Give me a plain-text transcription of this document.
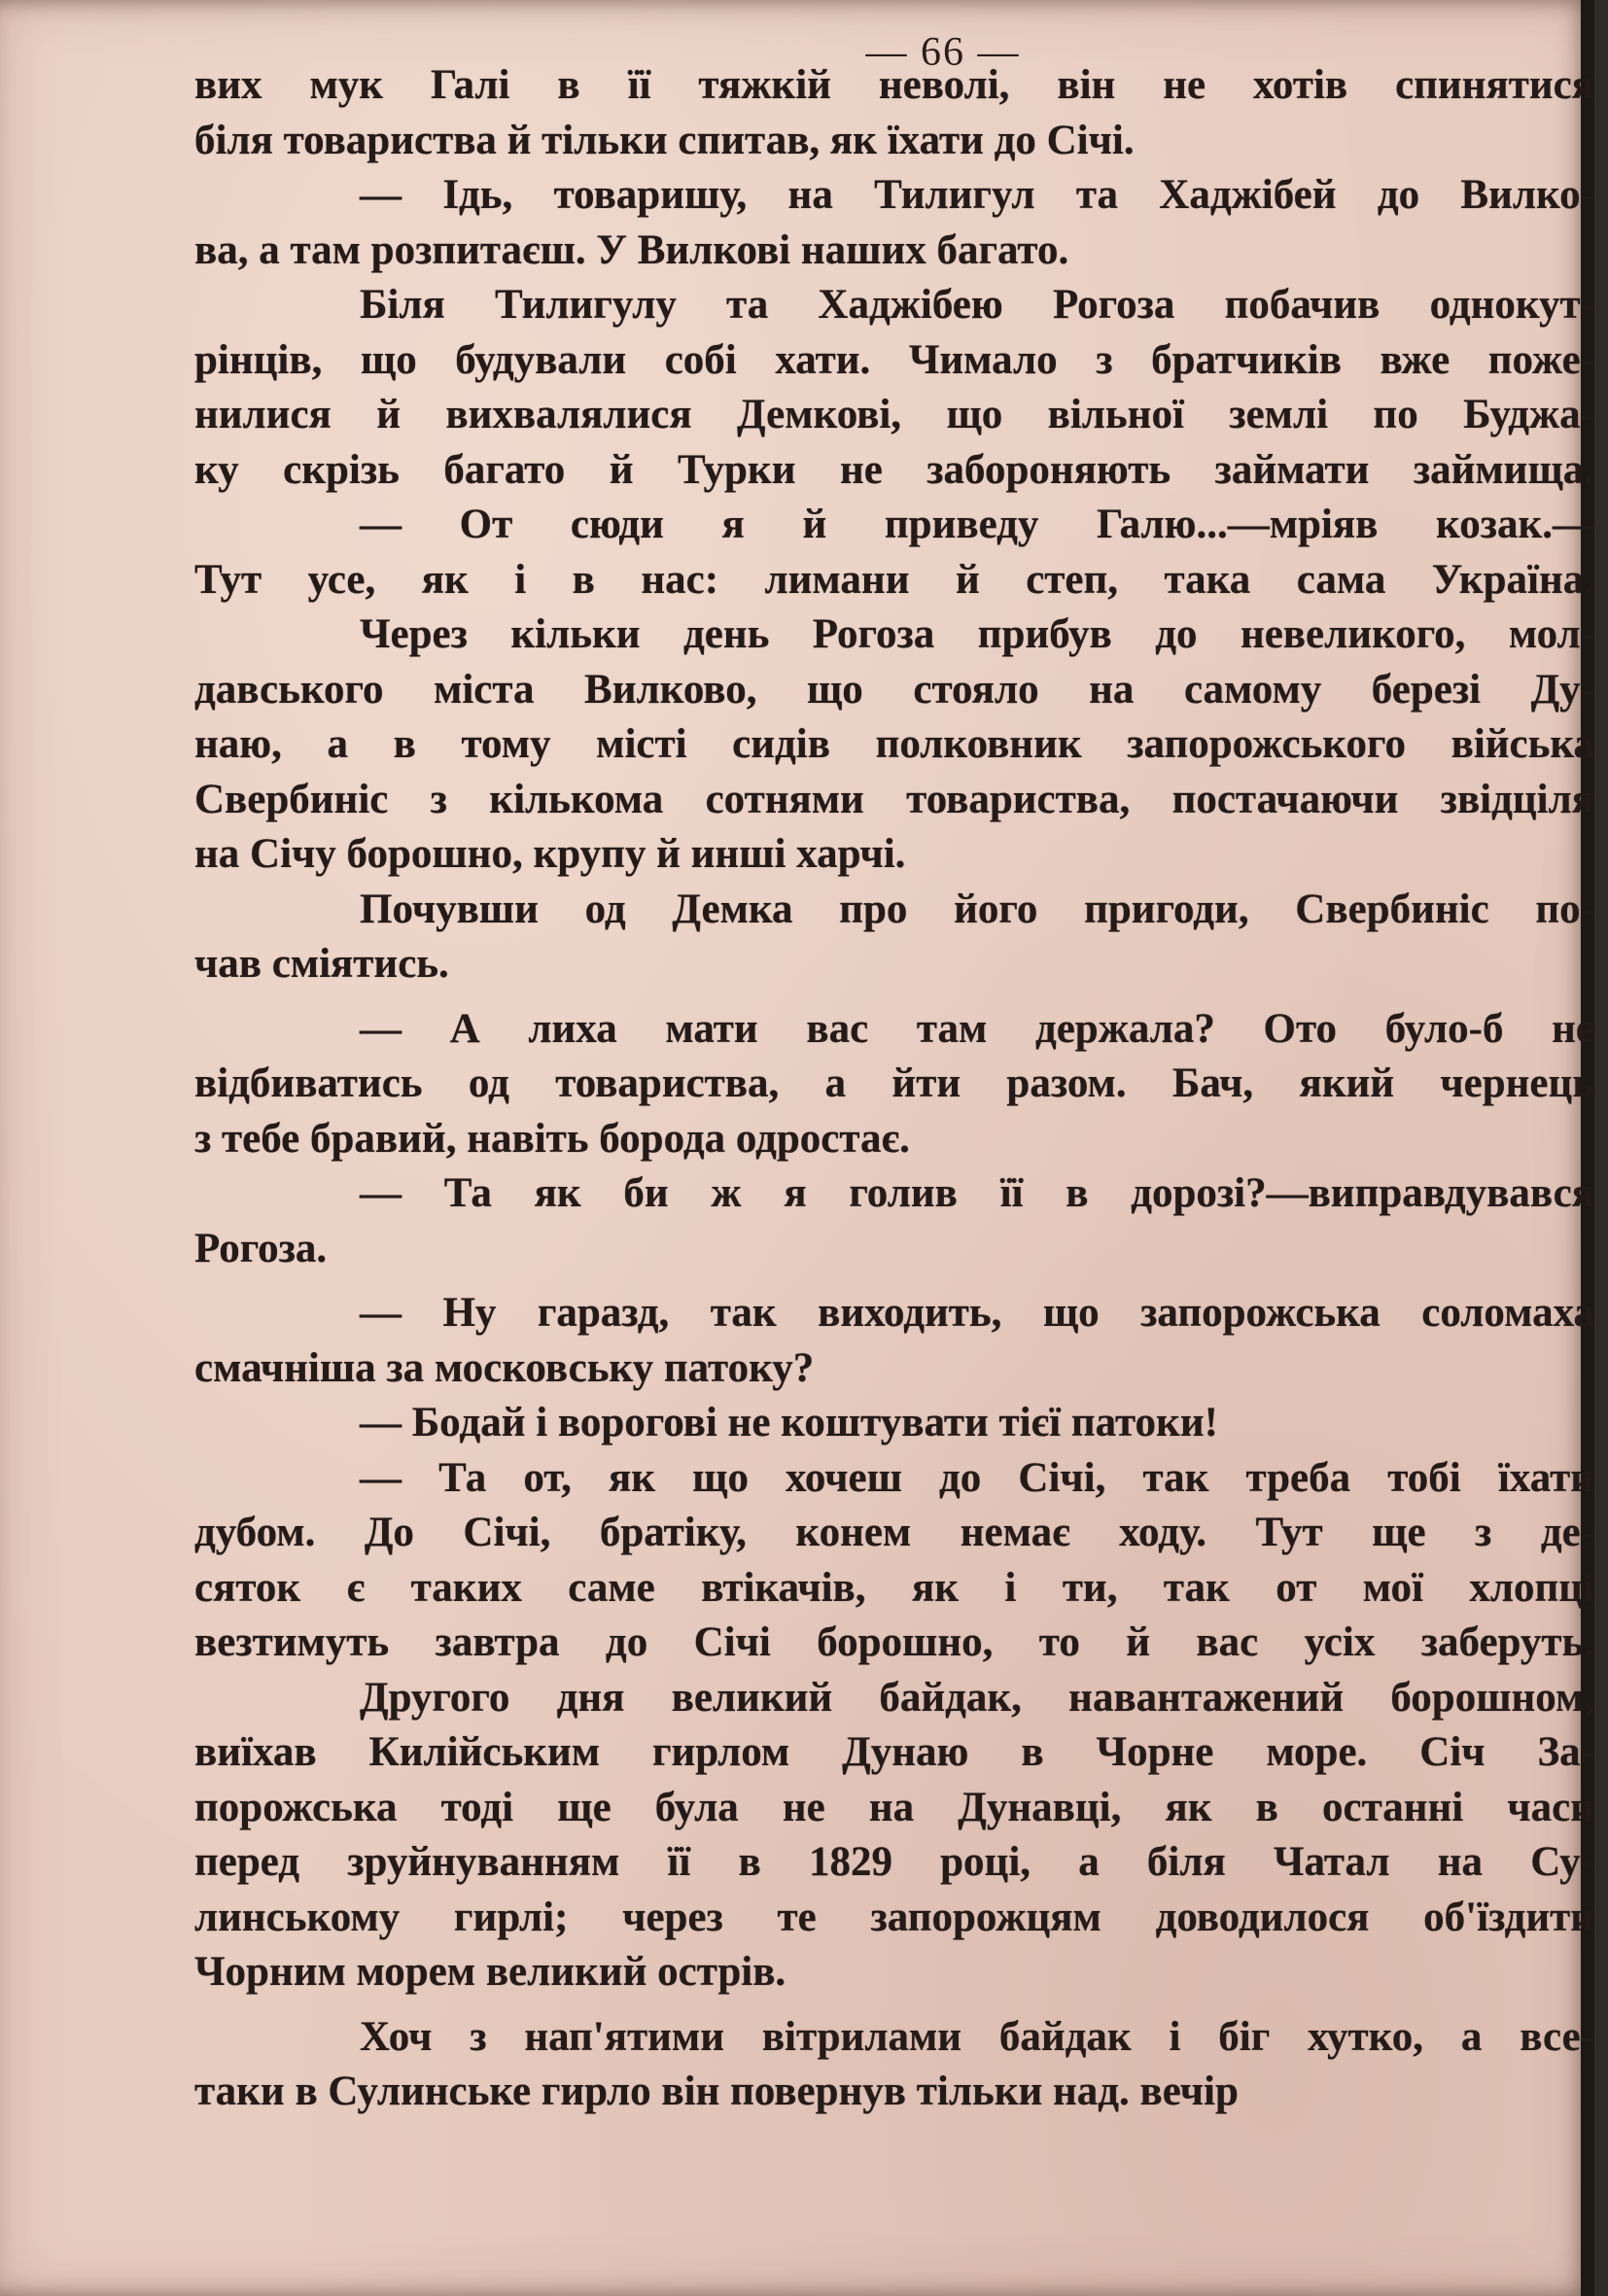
— 66 —
вих мук Галі в її тяжкій неволі, він не хотів спинятися
біля товариства й тільки спитав, як їхати до Січі.
— Ідь, товаришу, на Тилигул та Хаджібей до Вилко-
ва, а там розпитаєш. У Вилкові наших багато.
Біля Тилигулу та Хаджібею Рогоза побачив однокут-
рінців, що будували собі хати. Чимало з братчиків вже поже-
нилися й вихвалялися Демкові, що вільної землі по Буджа-
ку скрізь багато й Турки не забороняють займати займища.
— От сюди я й приведу Галю...—мріяв козак.—
Тут усе, як і в нас: лимани й степ, така сама Україна.
Через кільки день Рогоза прибув до невеликого, мол-
давського міста Вилково, що стояло на самому березі Ду-
наю, а в тому місті сидів полковник запорожського війська
Свербиніс з кількома сотнями товариства, постачаючи звідціля
на Січу борошно, крупу й инші харчі.
Почувши од Демка про його пригоди, Свербиніс по-
чав сміятись.
— А лиха мати вас там держала? Ото було-б не
відбиватись од товариства, а йти разом. Бач, який чернець
з тебе бравий, навіть борода одростає.
— Та як би ж я голив її в дорозі?—виправдувався
Рогоза.
— Ну гаразд, так виходить, що запорожська соломаха
смачніша за московську патоку?
— Бодай і ворогові не коштувати тієї патоки!
— Та от, як що хочеш до Січі, так треба тобі їхати
дубом. До Січі, братіку, конем немає ходу. Тут ще з де-
сяток є таких саме втікачів, як і ти, так от мої хлопці
везтимуть завтра до Січі борошно, то й вас усіх заберуть.
Другого дня великий байдак, навантажений борошном,
виїхав Килійським гирлом Дунаю в Чорне море. Січ За-
порожська тоді ще була не на Дунавці, як в останні часи
перед зруйнуванням її в 1829 році, а біля Чатал на Су-
линському гирлі; через те запорожцям доводилося об'їздити
Чорним морем великий острів.
Хоч з нап'ятими вітрилами байдак і біг хутко, а все-
таки в Сулинське гирло він повернув тільки над. вечір
